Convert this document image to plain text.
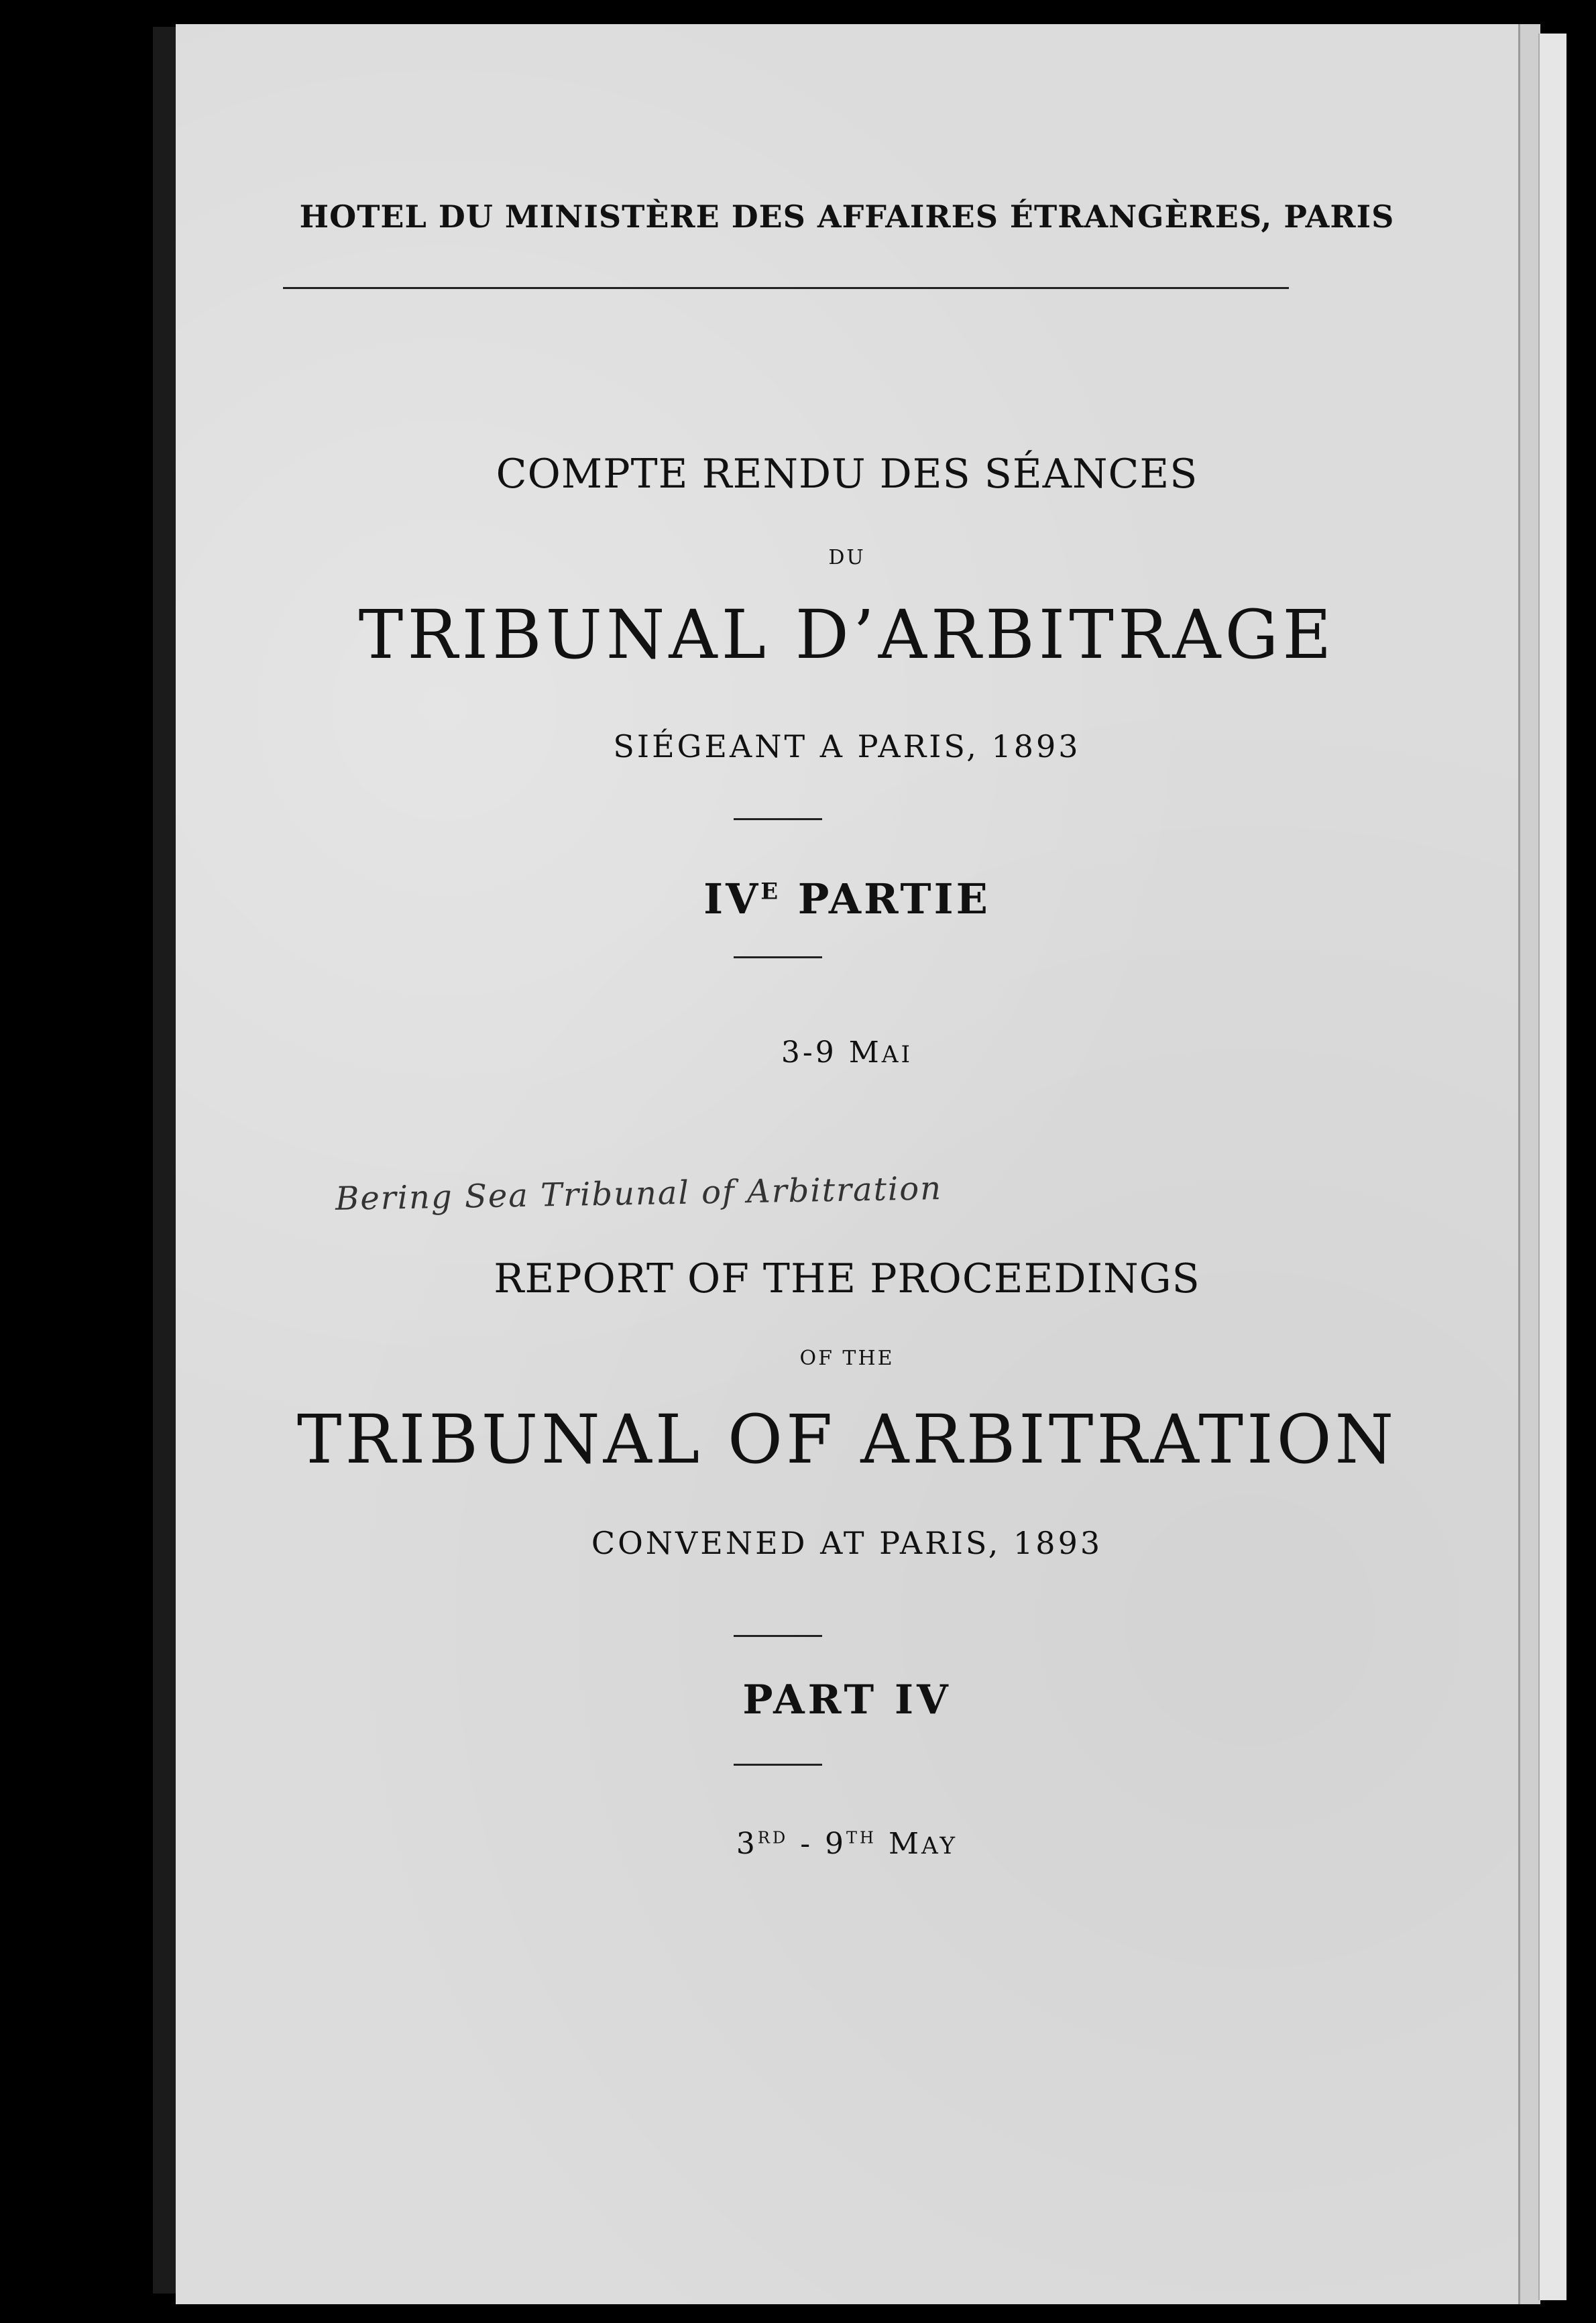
HOTEL DU MINISTÈRE DES AFFAIRES ÉTRANGÈRES, PARIS
COMPTE RENDU DES SÉANCES
DU
TRIBUNAL D’ARBITRAGE
SIÉGEANT A PARIS, 1893
$IV^E$ PARTIE
3-9 MAI
Bering Sea Tribunal of Arbitration
REPORT OF THE PROCEEDINGS
OF THE
TRIBUNAL OF ARBITRATION
CONVENED AT PARIS, 1893
PART IV
3RD - 9TH MAY
